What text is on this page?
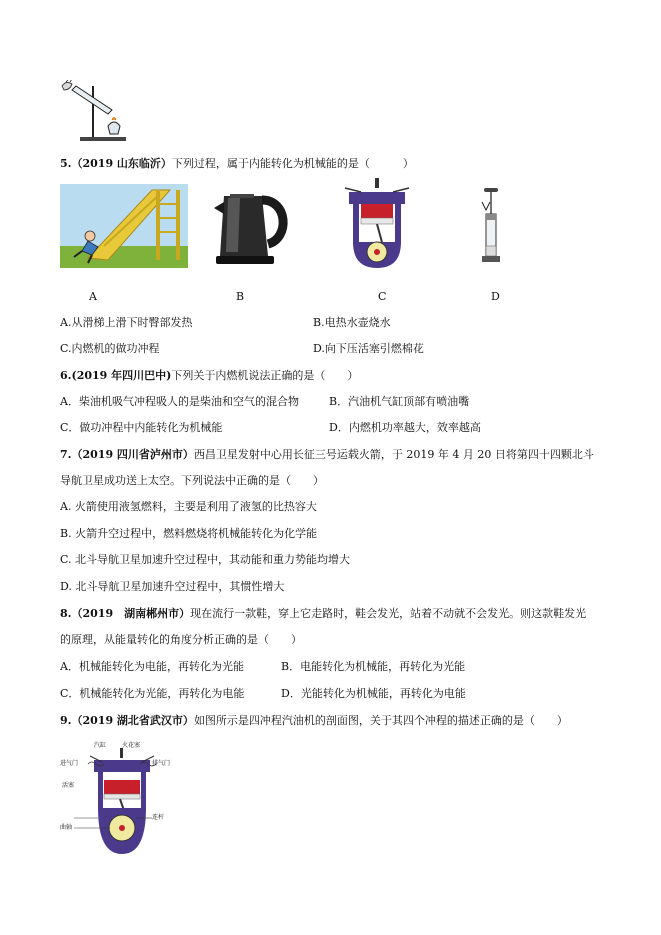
5.（2019 山东临沂）下列过程，属于内能转化为机械能的是（　　　）
A	B	C	D
A.从滑梯上滑下时臀部发热	B.电热水壶烧水
C.内燃机的做功冲程	D.向下压活塞引燃棉花
6.(2019 年四川巴中)下列关于内燃机说法正确的是（　　）
A．柴油机吸气冲程吸人的是柴油和空气的混合物	B．汽油机气缸顶部有喷油嘴
C．做功冲程中内能转化为机械能	D．内燃机功率越大，效率越高
7.（2019 四川省泸州市）西昌卫星发射中心用长征三号运载火箭，于 2019 年 4 月 20 日将第四十四颗北斗
导航卫星成功送上太空。下列说法中正确的是（　　）
A. 火箭使用液氢燃料，主要是利用了液氢的比热容大
B. 火箭升空过程中，燃料燃烧将机械能转化为化学能
C. 北斗导航卫星加速升空过程中，其动能和重力势能均增大
D. 北斗导航卫星加速升空过程中，其惯性增大
8.（2019　湖南郴州市）现在流行一款鞋，穿上它走路时，鞋会发光，站着不动就不会发光。则这款鞋发光
的原理，从能量转化的角度分析正确的是（　　）
A．机械能转化为电能，再转化为光能	B．电能转化为机械能，再转化为光能
C．机械能转化为光能，再转化为电能	D．光能转化为机械能，再转化为电能
9.（2019 湖北省武汉市）如图所示是四冲程汽油机的剖面图，关于其四个冲程的描述正确的是（　　）
汽缸	火花塞
进气门	排气门
活塞
曲轴
连杆
